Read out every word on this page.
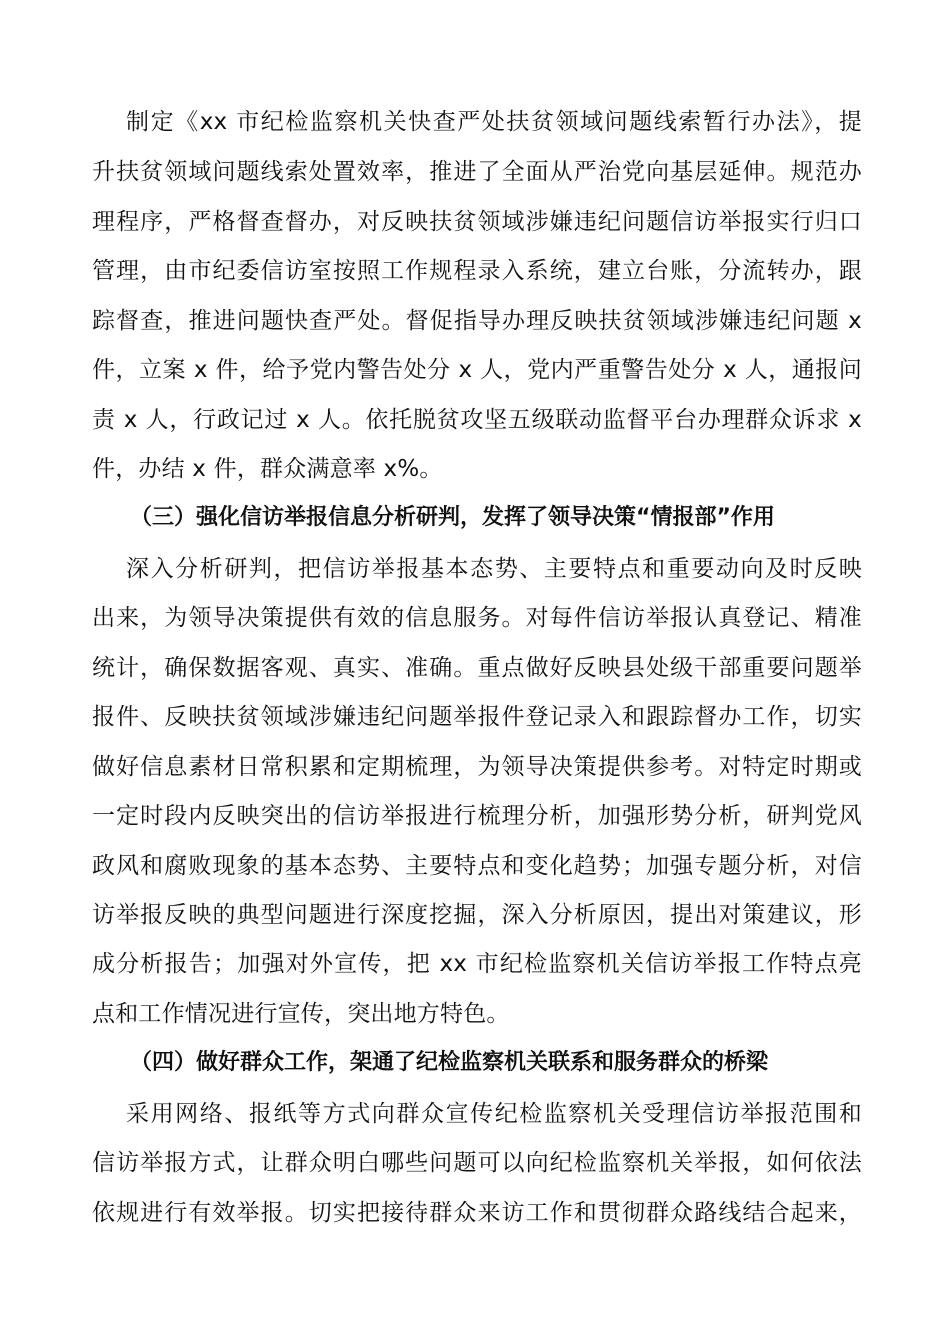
制定《xx 市纪检监察机关快查严处扶贫领域问题线索暂行办法》，提
升扶贫领域问题线索处置效率，推进了全面从严治党向基层延伸。规范办
理程序，严格督查督办，对反映扶贫领域涉嫌违纪问题信访举报实行归口
管理，由市纪委信访室按照工作规程录入系统，建立台账，分流转办，跟
踪督查，推进问题快查严处。督促指导办理反映扶贫领域涉嫌违纪问题 x
件，立案 x 件，给予党内警告处分 x 人，党内严重警告处分 x 人，通报问
责 x 人，行政记过 x 人。依托脱贫攻坚五级联动监督平台办理群众诉求 x
件，办结 x 件，群众满意率 x%。
（三）强化信访举报信息分析研判，发挥了领导决策“情报部”作用
深入分析研判，把信访举报基本态势、主要特点和重要动向及时反映
出来，为领导决策提供有效的信息服务。对每件信访举报认真登记、精准
统计，确保数据客观、真实、准确。重点做好反映县处级干部重要问题举
报件、反映扶贫领域涉嫌违纪问题举报件登记录入和跟踪督办工作，切实
做好信息素材日常积累和定期梳理，为领导决策提供参考。对特定时期或
一定时段内反映突出的信访举报进行梳理分析，加强形势分析，研判党风
政风和腐败现象的基本态势、主要特点和变化趋势；加强专题分析，对信
访举报反映的典型问题进行深度挖掘，深入分析原因，提出对策建议，形
成分析报告；加强对外宣传，把 xx 市纪检监察机关信访举报工作特点亮
点和工作情况进行宣传，突出地方特色。
（四）做好群众工作，架通了纪检监察机关联系和服务群众的桥梁
采用网络、报纸等方式向群众宣传纪检监察机关受理信访举报范围和
信访举报方式，让群众明白哪些问题可以向纪检监察机关举报，如何依法
依规进行有效举报。切实把接待群众来访工作和贯彻群众路线结合起来，
